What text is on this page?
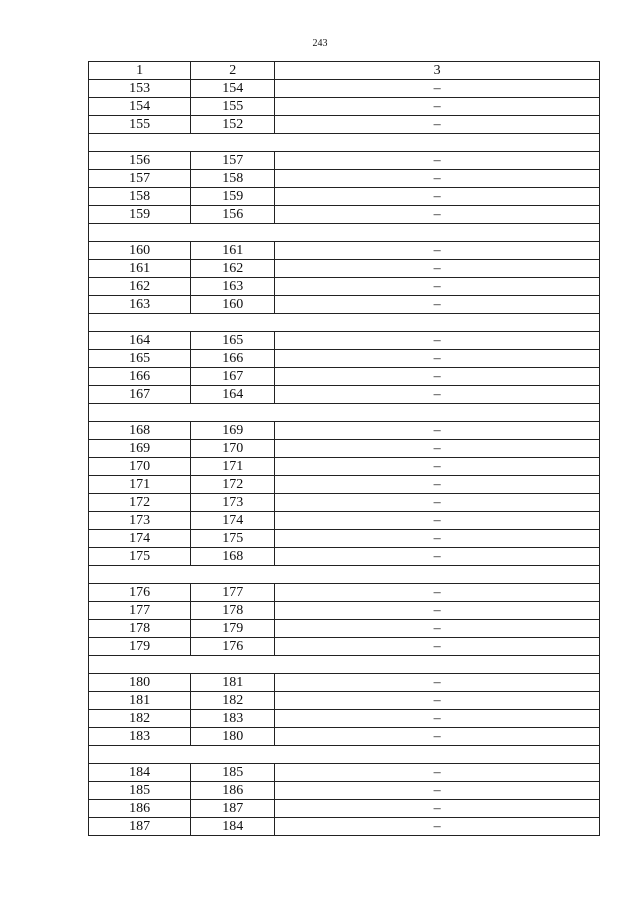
243
1	2	3
153	154	–
154	155	–
155	152	–

156	157	–
157	158	–
158	159	–
159	156	–

160	161	–
161	162	–
162	163	–
163	160	–

164	165	–
165	166	–
166	167	–
167	164	–

168	169	–
169	170	–
170	171	–
171	172	–
172	173	–
173	174	–
174	175	–
175	168	–

176	177	–
177	178	–
178	179	–
179	176	–

180	181	–
181	182	–
182	183	–
183	180	–

184	185	–
185	186	–
186	187	–
187	184	–
